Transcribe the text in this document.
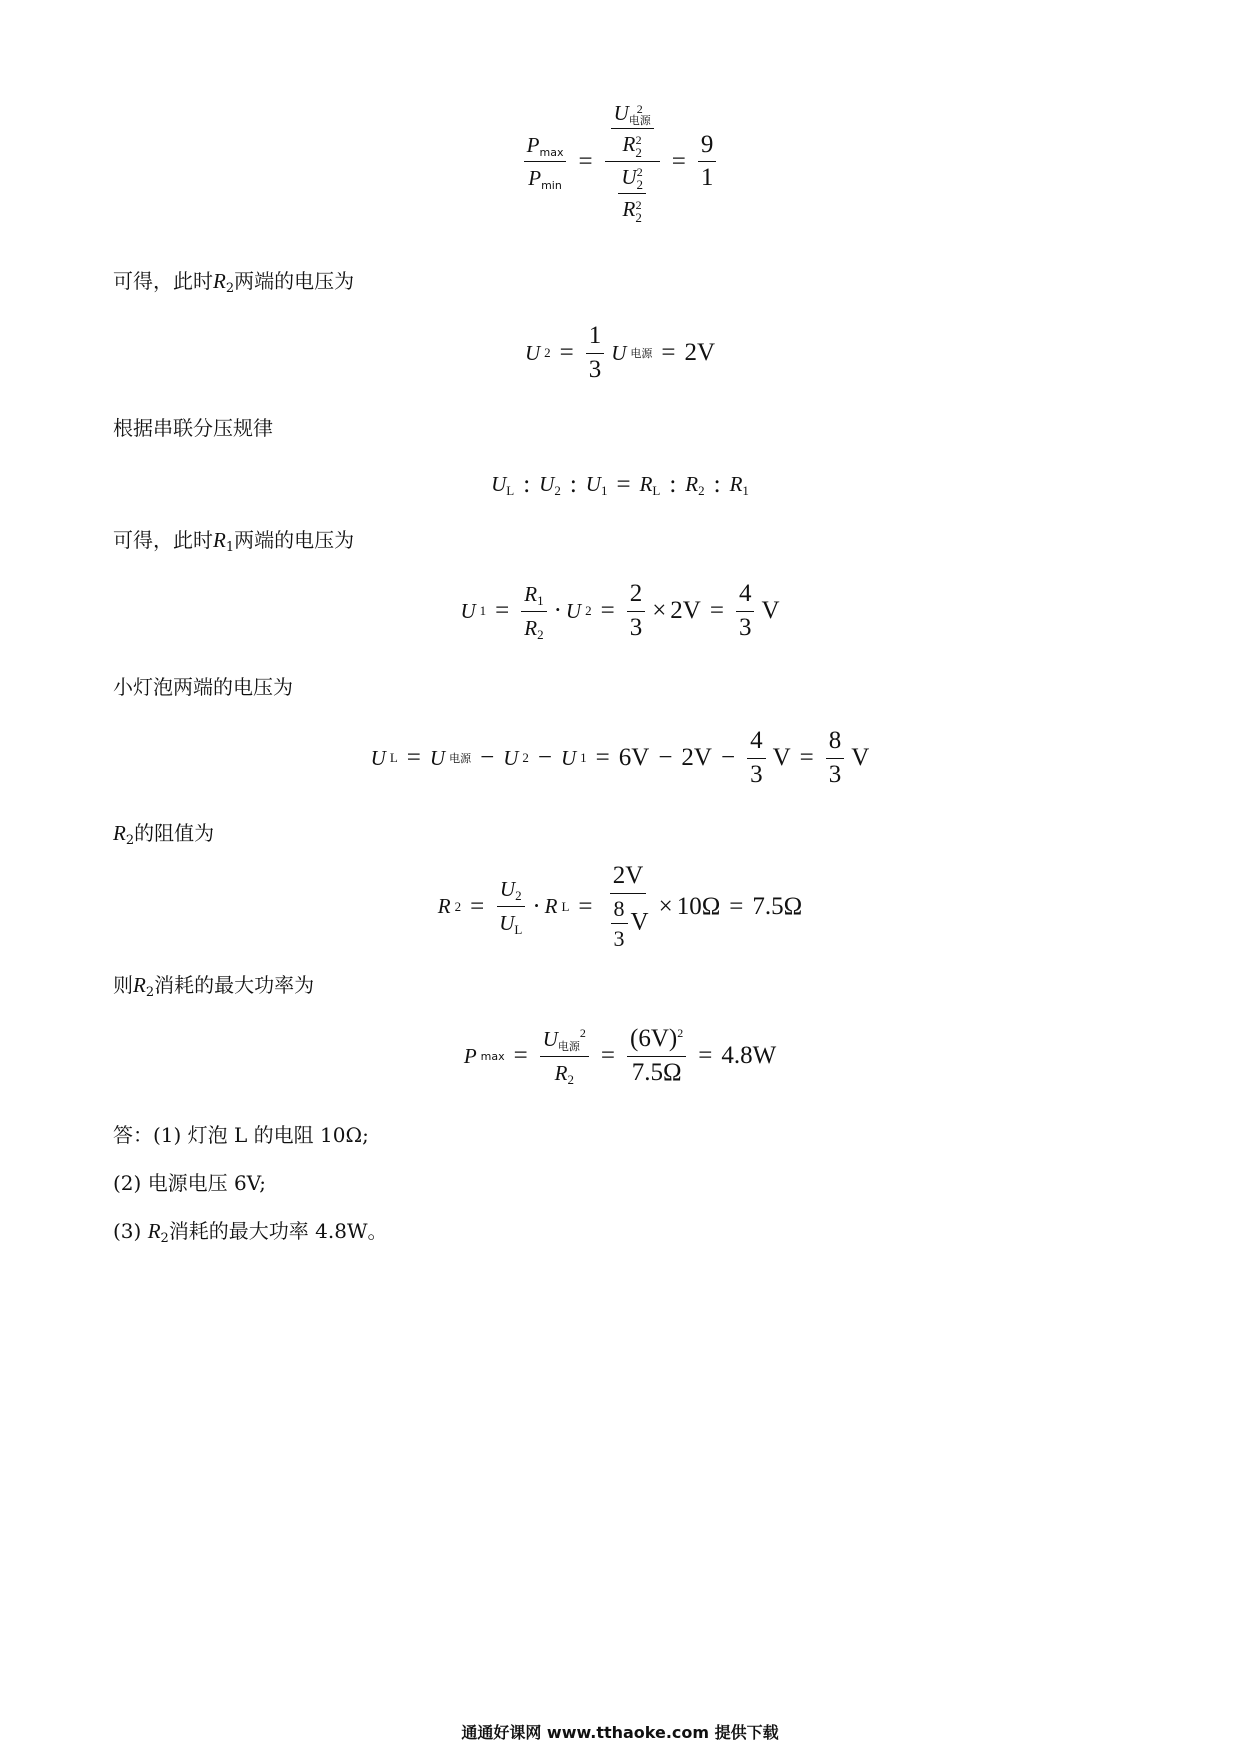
$\frac{Pmax}{Pmin} = U$ 2
电源
R 2
2
U 2
2
R 2
$2 = \frac{9}{1}$
可得，此时$R_2$两端的电压为
U $2 = \frac{1}{3}$ U 电源 = 2V
根据串联分压规律
UL : U2 : U1 = RL : R2 : R1
可得，此时$R_1$两端的电压为
U $1 = \frac{R1}{R2} \cdot U$ $2 = \frac{2}{3} \times 2V = \frac{4}{3}$ V
小灯泡两端的电压为
U L = U 电源 − U 2 − U $1 = 6V - 2V - \frac{4}{3}$ $V = \frac{8}{3}$ V
$R_2$的阻值为
R $2 = \frac{U2}{UL} \cdot R$ $L = \frac{2V}{\frac{8}{3} V} \times 10\Omega = 7.5\Omega$
则$R_2$消耗的最大功率为
P $\max = \frac{U电源^2}{R2} = \frac{(6V)^2}{7.5\Omega} = 4.8W$
答：(1) 灯泡 L 的电阻 10Ω;
(2) 电源电压 6V;
(3) $R_2$消耗的最大功率 4.8W。
通通好课网 www.tthaoke.com 提供下载
